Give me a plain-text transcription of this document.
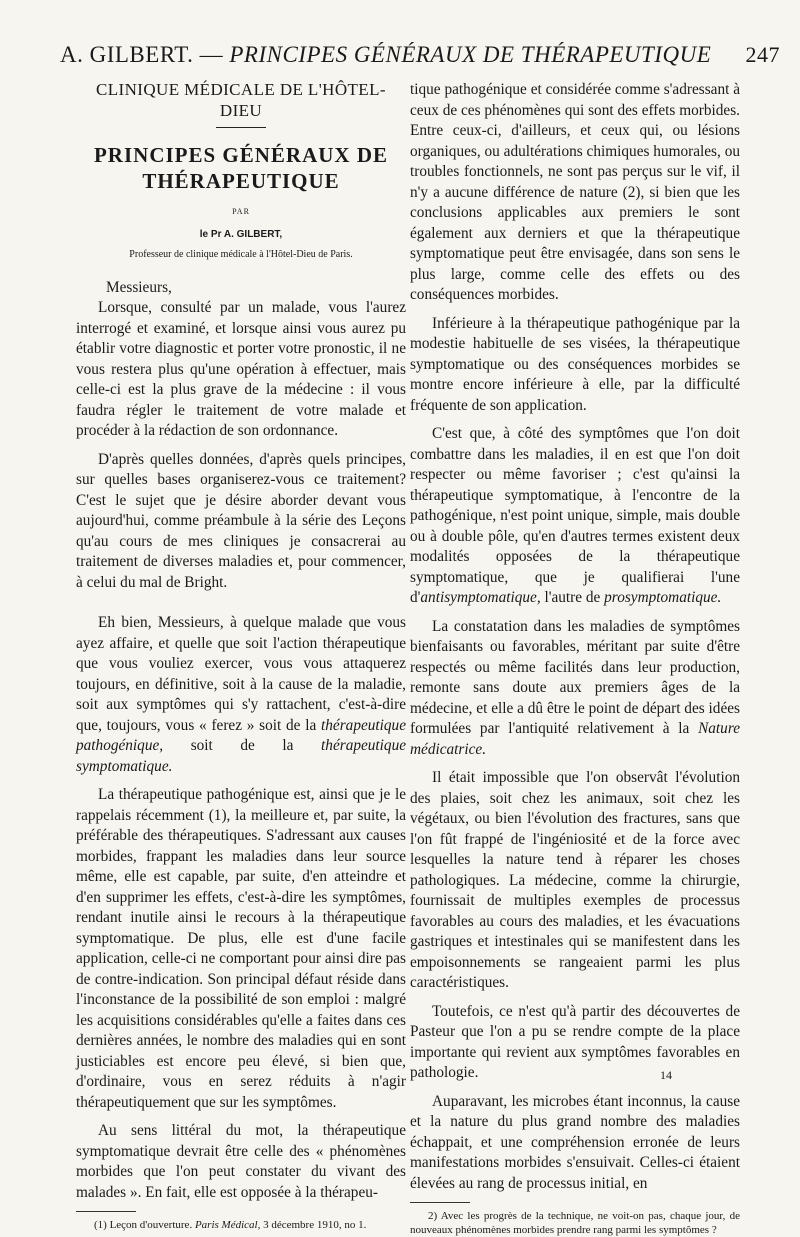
A. GILBERT. — PRINCIPES GÉNÉRAUX DE THÉRAPEUTIQUE 247
CLINIQUE MÉDICALE DE L'HÔTEL-DIEU
PRINCIPES GÉNÉRAUX DE
THÉRAPEUTIQUE
PAR
le Pr A. GILBERT,
Professeur de clinique médicale à l'Hôtel-Dieu de Paris.

Messieurs,

Lorsque, consulté par un malade, vous l'aurez interrogé et examiné, et lorsque ainsi vous aurez pu établir votre diagnostic et porter votre pronostic, il ne vous restera plus qu'une opération à effectuer, mais celle-ci est la plus grave de la médecine : il vous faudra régler le traitement de votre malade et procéder à la rédaction de son ordonnance.

D'après quelles données, d'après quels principes, sur quelles bases organiserez-vous ce traitement? C'est le sujet que je désire aborder devant vous aujourd'hui, comme préambule à la série des Leçons qu'au cours de mes cliniques je consacrerai au traitement de diverses maladies et, pour commencer, à celui du mal de Bright.

Eh bien, Messieurs, à quelque malade que vous ayez affaire, et quelle que soit l'action thérapeutique que vous vouliez exercer, vous vous attaquerez toujours, en définitive, soit à la cause de la maladie, soit aux symptômes qui s'y rattachent, c'est-à-dire que, toujours, vous « ferez » soit de la thérapeutique pathogénique, soit de la thérapeutique symptomatique.

La thérapeutique pathogénique est, ainsi que je le rappelais récemment (1), la meilleure et, par suite, la préférable des thérapeutiques. S'adressant aux causes morbides, frappant les maladies dans leur source même, elle est capable, par suite, d'en atteindre et d'en supprimer les effets, c'est-à-dire les symptômes, rendant inutile ainsi le recours à la thérapeutique symptomatique. De plus, elle est d'une facile application, celle-ci ne comportant pour ainsi dire pas de contre-indication. Son principal défaut réside dans l'inconstance de la possibilité de son emploi : malgré les acquisitions considérables qu'elle a faites dans ces dernières années, le nombre des maladies qui en sont justiciables est encore peu élevé, si bien que, d'ordinaire, vous en serez réduits à n'agir thérapeutiquement que sur les symptômes.

Au sens littéral du mot, la thérapeutique symptomatique devrait être celle des « phénomènes morbides que l'on peut constater du vivant des malades ». En fait, elle est opposée à la thérapeu-

(1) Leçon d'ouverture. Paris Médical, 3 décembre 1910, no 1.

tique pathogénique et considérée comme s'adressant à ceux de ces phénomènes qui sont des effets morbides. Entre ceux-ci, d'ailleurs, et ceux qui, ou lésions organiques, ou adultérations chimiques humorales, ou troubles fonctionnels, ne sont pas perçus sur le vif, il n'y a aucune différence de nature (2), si bien que les conclusions applicables aux premiers le sont également aux derniers et que la thérapeutique symptomatique peut être envisagée, dans son sens le plus large, comme celle des effets ou des conséquences morbides.

Inférieure à la thérapeutique pathogénique par la modestie habituelle de ses visées, la thérapeutique symptomatique ou des conséquences morbides se montre encore inférieure à elle, par la difficulté fréquente de son application.

C'est que, à côté des symptômes que l'on doit combattre dans les maladies, il en est que l'on doit respecter ou même favoriser ; c'est qu'ainsi la thérapeutique symptomatique, à l'encontre de la pathogénique, n'est point unique, simple, mais double ou à double pôle, qu'en d'autres termes existent deux modalités opposées de la thérapeutique symptomatique, que je qualifierai l'une d'antisymptomatique, l'autre de prosymptomatique.

La constatation dans les maladies de symptômes bienfaisants ou favorables, méritant par suite d'être respectés ou même facilités dans leur production, remonte sans doute aux premiers âges de la médecine, et elle a dû être le point de départ des idées formulées par l'antiquité relativement à la Nature médicatrice.

Il était impossible que l'on observât l'évolution des plaies, soit chez les animaux, soit chez les végétaux, ou bien l'évolution des fractures, sans que l'on fût frappé de l'ingéniosité et de la force avec lesquelles la nature tend à réparer les choses pathologiques. La médecine, comme la chirurgie, fournissait de multiples exemples de processus favorables au cours des maladies, et les évacuations gastriques et intestinales qui se manifestent dans les empoisonnements se rangeaient parmi les plus caractéristiques.

Toutefois, ce n'est qu'à partir des découvertes de Pasteur que l'on a pu se rendre compte de la place importante qui revient aux symptômes favorables en pathologie.

Auparavant, les microbes étant inconnus, la cause et la nature du plus grand nombre des maladies échappait, et une compréhension erronée de leurs manifestations morbides s'ensuivait. Celles-ci étaient élevées au rang de processus initial, en

2) Avec les progrès de la technique, ne voit-on pas, chaque jour, de nouveaux phénomènes morbides prendre rang parmi les symptômes ?

14
